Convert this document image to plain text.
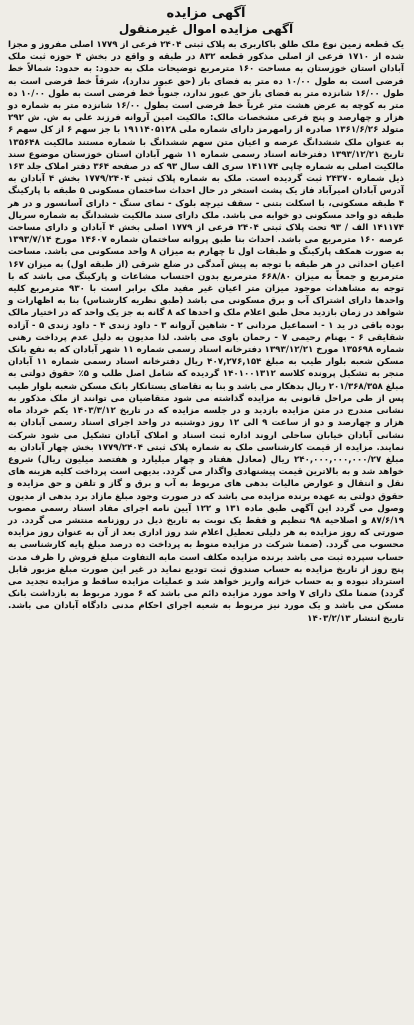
آگهی مزایده
آگهی مزایده اموال غیرمنقول

یک قطعه زمین نوع ملک طلق باکاربری به پلاک ثبتی ۲۴۰۴ فرعی از ۱۷۷۹ اصلی مفروز و مجزا شده از ۱۷۱۰ فرعی از اصلی مذکور قطعه ۸۳۲ در طبقه و واقع در بخش ۴ حوزه ثبت ملک آبادان استان خوزستان به مساحت ۱۶۰ مترمربع توضیحات ملک به حدود: به حدود: شمالاً خط فرضی است به طول ۱۰/۰۰ ده متر به فضای باز (حق عبور ندارد)، شرقاً خط فرضی است به طول ۱۶/۰۰ شانزده متر به فضای باز حق عبور ندارد، جنوباً خط فرضی است به طول ۱۰/۰۰ ده متر به کوچه به عرض هشت متر غرباً خط فرضی است بطول ۱۶/۰۰ شانزده متر به شماره دو هزار و چهارصد و پنج فرعی مشخصات مالک: مالکیت امین آروانه فرزند علی به ش. ش ۲۹۲ متولد ۱۳۶۱/۶/۲۶ صادره از رامهرمز دارای شماره ملی ۱۹۱۱۴۰۵۱۲۸ با جز سهم ۶ از کل سهم ۶ به عنوان ملک ششدانگ عرصه و اعیان متن سهم ششدانگ با شماره مستند مالکیت ۱۳۵۶۴۸ تاریخ ۱۳۹۳/۱۲/۲۱ دفترخانه اسناد رسمی شماره ۱۱ شهر آبادان استان خوزستان موضوع سند مالکیت اصلی به شماره چاپی ۱۴۱۱۷۴ سری الف سال ۹۳ که در صفحه ۳۶۴ دفتر املاک جلد ۱۶۳ ذیل شماره ۲۴۳۷۰ ثبت گردیده است. ملک به شماره پلاک ثبتی ۱۷۷۹/۲۴۰۴ بخش ۴ آبادان به آدرس آبادان امیرآباد فاز یک پشت استخر در حال احداث ساختمان مسکونی ۵ طبقه با پارکینگ ۴ طبقه مسکونی، با اسکلت بتنی - سقف تیرچه بلوک - نمای سنگ - دارای آسانسور و در هر طبقه دو واحد مسکونی دو خوابه می باشد. ملک دارای سند مالکیت ششدانگ به شماره سریال ۱۴۱۱۷۴ الف / ۹۳ تحت پلاک ثبتی ۲۴۰۴ فرعی از ۱۷۷۹ اصلی بخش ۴ آبادان و دارای مساحت عرصه ۱۶۰ مترمربع می باشد. احداث بنا طبق پروانه ساختمان شماره ۱۴۶۰۷ مورخ ۱۳۹۳/۷/۱۴ به صورت همکف پارکینگ و طبقات اول تا چهارم به میزان ۸ واحد مسکونی می باشد. مساحت اعیان احداثی در هر طبقه با توجه به پیش آمدگی در ضلع شرقی (از طبقه اول) به میزان ۱۶۷ مترمربع و جمعاً به میزان ۶۶۸/۸۰ مترمربع بدون احتساب مشاعات و پارکینگ می باشد که با توجه به مشاهدات موجود میزان متر اعیان غیر مفید ملک برابر است با ۹۳۰ مترمربع کلیه واحدها دارای اشتراک آب و برق مسکونی می باشد (طبق نظریه کارشناس) بنا به اظهارات و شواهد در زمان بازدید محل طبق اعلام ملک و احدها که ۸ گانه به جز یک واحد که در اختیار مالک بوده باقی در ید ۱ - اسماعیل مردانی ۲ - شاهین آروانه ۳ - داود زندی ۴ - داود زندی ۵ - آزاده شقایقی ۶ - بهنام رحیمی ۷ - رحمان باوی می باشد. لذا مدیون به دلیل عدم پرداخت رهنی شماره ۱۳۵۶۹۸ مورخ ۱۳۹۳/۱۲/۲۱ دفترخانه اسناد رسمی شماره ۱۱ شهر آبادان که به نفع بانک مسکن شعبه بلوار طیب به مبلغ ۴۰۷,۲۷۶,۱۵۴ ریال دفترخانه اسناد رسمی شماره ۱۱ آبادان منجر به تشکیل پرونده کلاسه ۱۴۰۱۰۰۱۳۱۲ گردیده که شامل اصل طلب و ۵٪ حقوق دولتی به مبلغ ۲۰۱/۳۶۸/۳۵۸ ریال بدهکار می باشد و بنا به تقاضای بستانکار بانک مسکن شعبه بلوار طیب پس از طی مراحل قانونی به مزایده گذاشته می شود متقاضیان می توانند از ملک مذکور به نشانی مندرج در متن مزایده بازدید و در جلسه مزایده که در تاریخ ۱۴۰۳/۳/۱۲ یکم خرداد ماه هزار و چهارصد و دو از ساعت ۹ الی ۱۲ روز دوشنبه در واحد اجرای اسناد رسمی آبادان به نشانی آبادان خیابان ساحلی اروند اداره ثبت اسناد و املاک آبادان تشکیل می شود شرکت نمایند. مزایده از قیمت کارشناسی ملک به شماره پلاک ثبتی ۱۷۷۹/۲۴۰۴ بخش چهار آبادان به مبلغ ۲۴۰,۰۰۰,۰۰۰,۰۰۰/۲۷ ریال (معادل هفتاد و چهار میلیارد و هفتصد میلیون ریال) شروع خواهد شد و به بالاترین قیمت پیشنهادی واگذار می گردد. بدیهی است پرداخت کلیه هزینه های نقل و انتقال و عوارض مالیات بدهی های مربوط به آب و برق و گاز و تلفن و حق مزایده و حقوق دولتی به عهده برنده مزایده می باشد که در صورت وجود مبلغ مازاد برد بدهی از مدیون وصول می گردد این آگهی طبق ماده ۱۳۱ و ۱۲۲ آیین نامه اجرای مفاد اسناد رسمی مصوب ۸۷/۶/۱۹ و اصلاحیه ۹۸ تنظیم و فقط یک نوبت به تاریخ ذیل در روزنامه منتشر می گردد. در صورتی که روز مزایده به هر دلیلی تعطیل اعلام شد روز اداری بعد از آن به عنوان روز مزایده محسوب می گردد. (ضمنا شرکت در مزایده منوط به پرداخت ده درصد مبلغ پایه کارشناسی به حساب سپرده ثبت می باشد برنده مزایده مکلف است مابه التفاوت مبلغ فروش را ظرف مدت پنج روز از تاریخ مزایده به حساب صندوق ثبت تودیع نماید در غیر این صورت مبلغ مزبور قابل استرداد نبوده و به حساب خزانه واریز خواهد شد و عملیات مزایده ساقط و مزایده تجدید می گردد) ضمنا ملک دارای ۷ واحد مورد مزایده دائم می باشد که ۶ مورد مربوط به بازداشت بانک مسکن می باشد و یک مورد نیز مربوط به شعبه اجرای احکام مدنی دادگاه آبادان می باشد. تاریخ انتشار ۱۴۰۳/۲/۱۳
